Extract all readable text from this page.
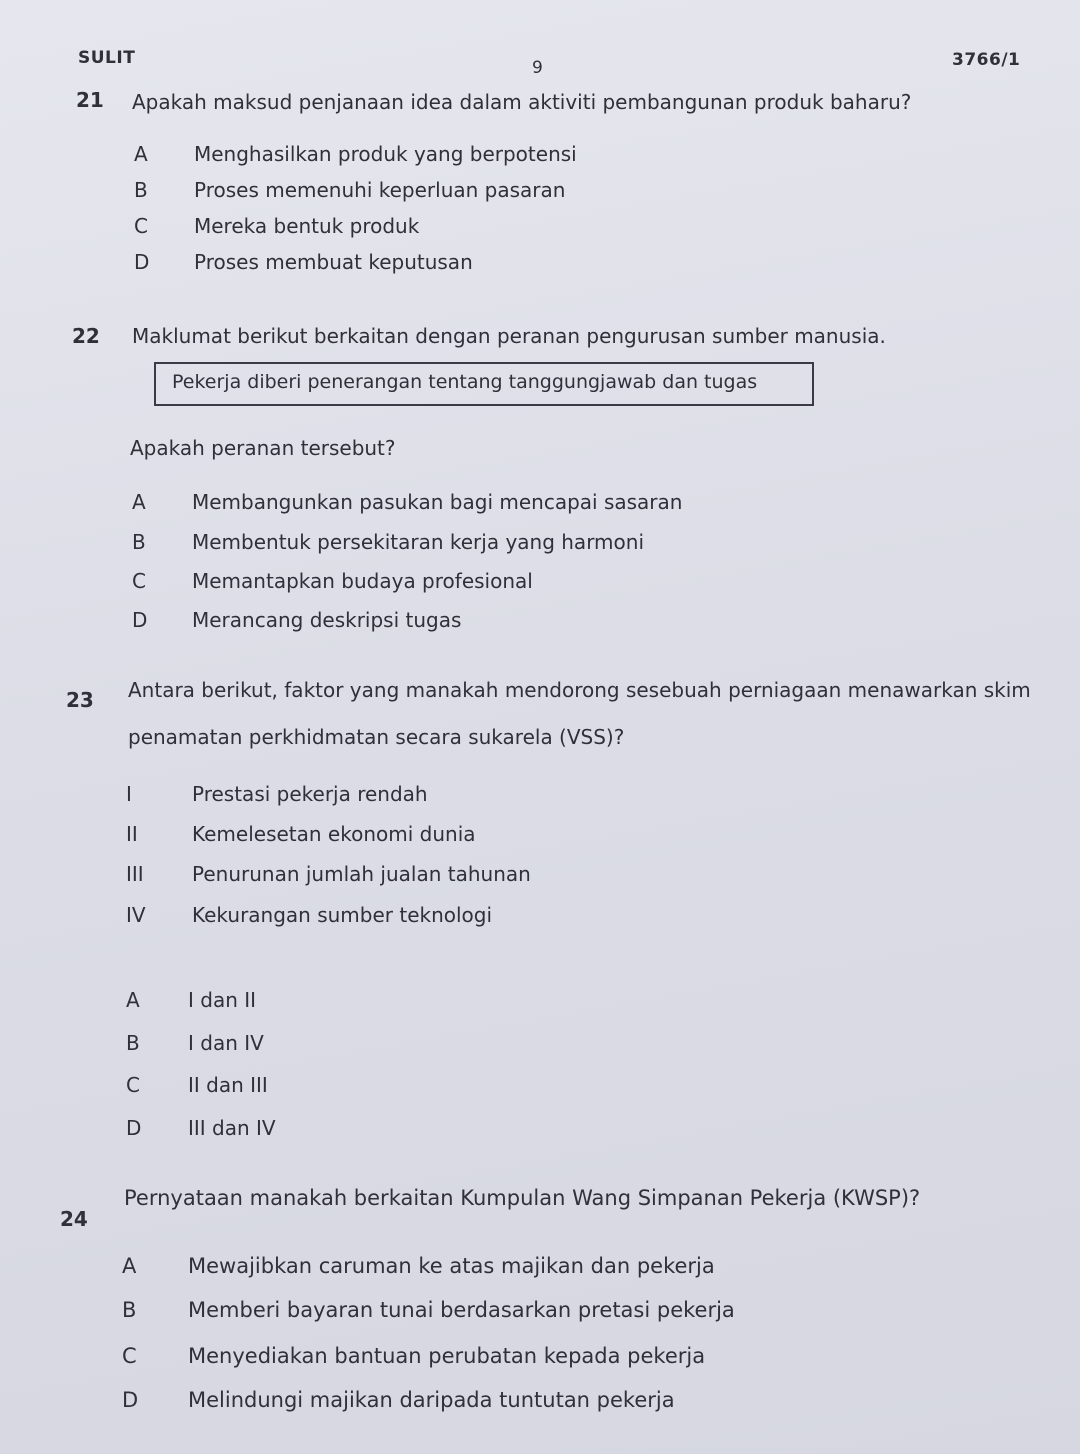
SULIT	9	3766/1
21 Apakah maksud penjanaan idea dalam aktiviti pembangunan produk baharu?
A Menghasilkan produk yang berpotensi
B Proses memenuhi keperluan pasaran
C Mereka bentuk produk
D Proses membuat keputusan
22 Maklumat berikut berkaitan dengan peranan pengurusan sumber manusia.
Pekerja diberi penerangan tentang tanggungjawab dan tugas
Apakah peranan tersebut?
A Membangunkan pasukan bagi mencapai sasaran
B Membentuk persekitaran kerja yang harmoni
C Memantapkan budaya profesional
D Merancang deskripsi tugas
23 Antara berikut, faktor yang manakah mendorong sesebuah perniagaan menawarkan skim
penamatan perkhidmatan secara sukarela (VSS)?
I	Prestasi pekerja rendah
II	Kemelesetan ekonomi dunia
III Penurunan jumlah jualan tahunan
IV Kekurangan sumber teknologi
A I dan II
B I dan IV
C II dan III
D III dan IV
24
Pernyataan manakah berkaitan Kumpulan Wang Simpanan Pekerja (KWSP)?
A Mewajibkan caruman ke atas majikan dan pekerja
B Memberi bayaran tunai berdasarkan pretasi pekerja
C Menyediakan bantuan perubatan kepada pekerja
D Melindungi majikan daripada tuntutan pekerja
